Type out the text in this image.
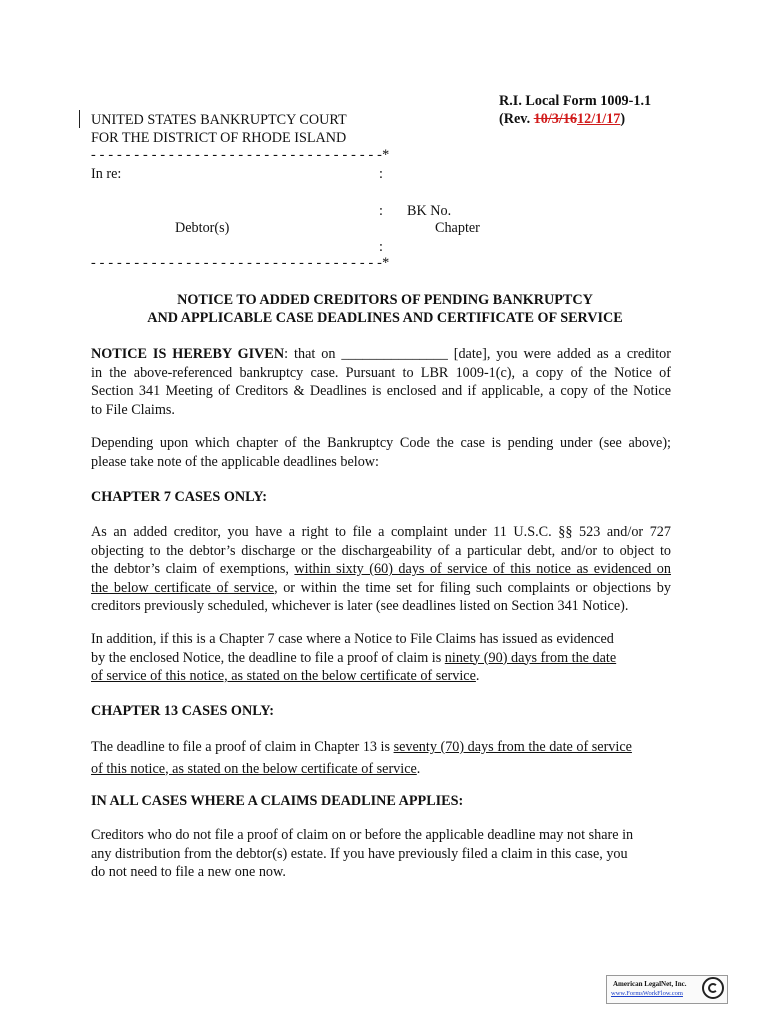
R.I. Local Form 1009-1.1
(Rev. 10/3/1612/1/17)
UNITED STATES BANKRUPTCY COURT
FOR THE DISTRICT OF RHODE ISLAND
- - - - - - - - - - - - - - - - - - - - - - - - - - - - - - - - - -*
In re:	:
: BK No.
Debtor(s)	Chapter
:
- - - - - - - - - - - - - - - - - - - - - - - - - - - - - - - - - -*
NOTICE TO ADDED CREDITORS OF PENDING BANKRUPTCY
AND APPLICABLE CASE DEADLINES AND CERTIFICATE OF SERVICE
NOTICE IS HEREBY GIVEN: that on _______________ [date], you were added as a creditor
in the above-referenced bankruptcy case. Pursuant to LBR 1009-1(c), a copy of the Notice of
Section 341 Meeting of Creditors & Deadlines is enclosed and if applicable, a copy of the Notice
to File Claims.
Depending upon which chapter of the Bankruptcy Code the case is pending under (see above);
please take note of the applicable deadlines below:
CHAPTER 7 CASES ONLY:
As an added creditor, you have a right to file a complaint under 11 U.S.C. §§ 523 and/or 727
objecting to the debtor’s discharge or the dischargeability of a particular debt, and/or to object to
the debtor’s claim of exemptions, within sixty (60) days of service of this notice as evidenced on
the below certificate of service, or within the time set for filing such complaints or objections by
creditors previously scheduled, whichever is later (see deadlines listed on Section 341 Notice).
In addition, if this is a Chapter 7 case where a Notice to File Claims has issued as evidenced
by the enclosed Notice, the deadline to file a proof of claim is ninety (90) days from the date
of service of this notice, as stated on the below certificate of service.
CHAPTER 13 CASES ONLY:
The deadline to file a proof of claim in Chapter 13 is seventy (70) days from the date of service
of this notice, as stated on the below certificate of service.
IN ALL CASES WHERE A CLAIMS DEADLINE APPLIES:
Creditors who do not file a proof of claim on or before the applicable deadline may not share in
any distribution from the debtor(s) estate. If you have previously filed a claim in this case, you
do not need to file a new one now.
American LegalNet, Inc.
www.FormsWorkFlow.com
